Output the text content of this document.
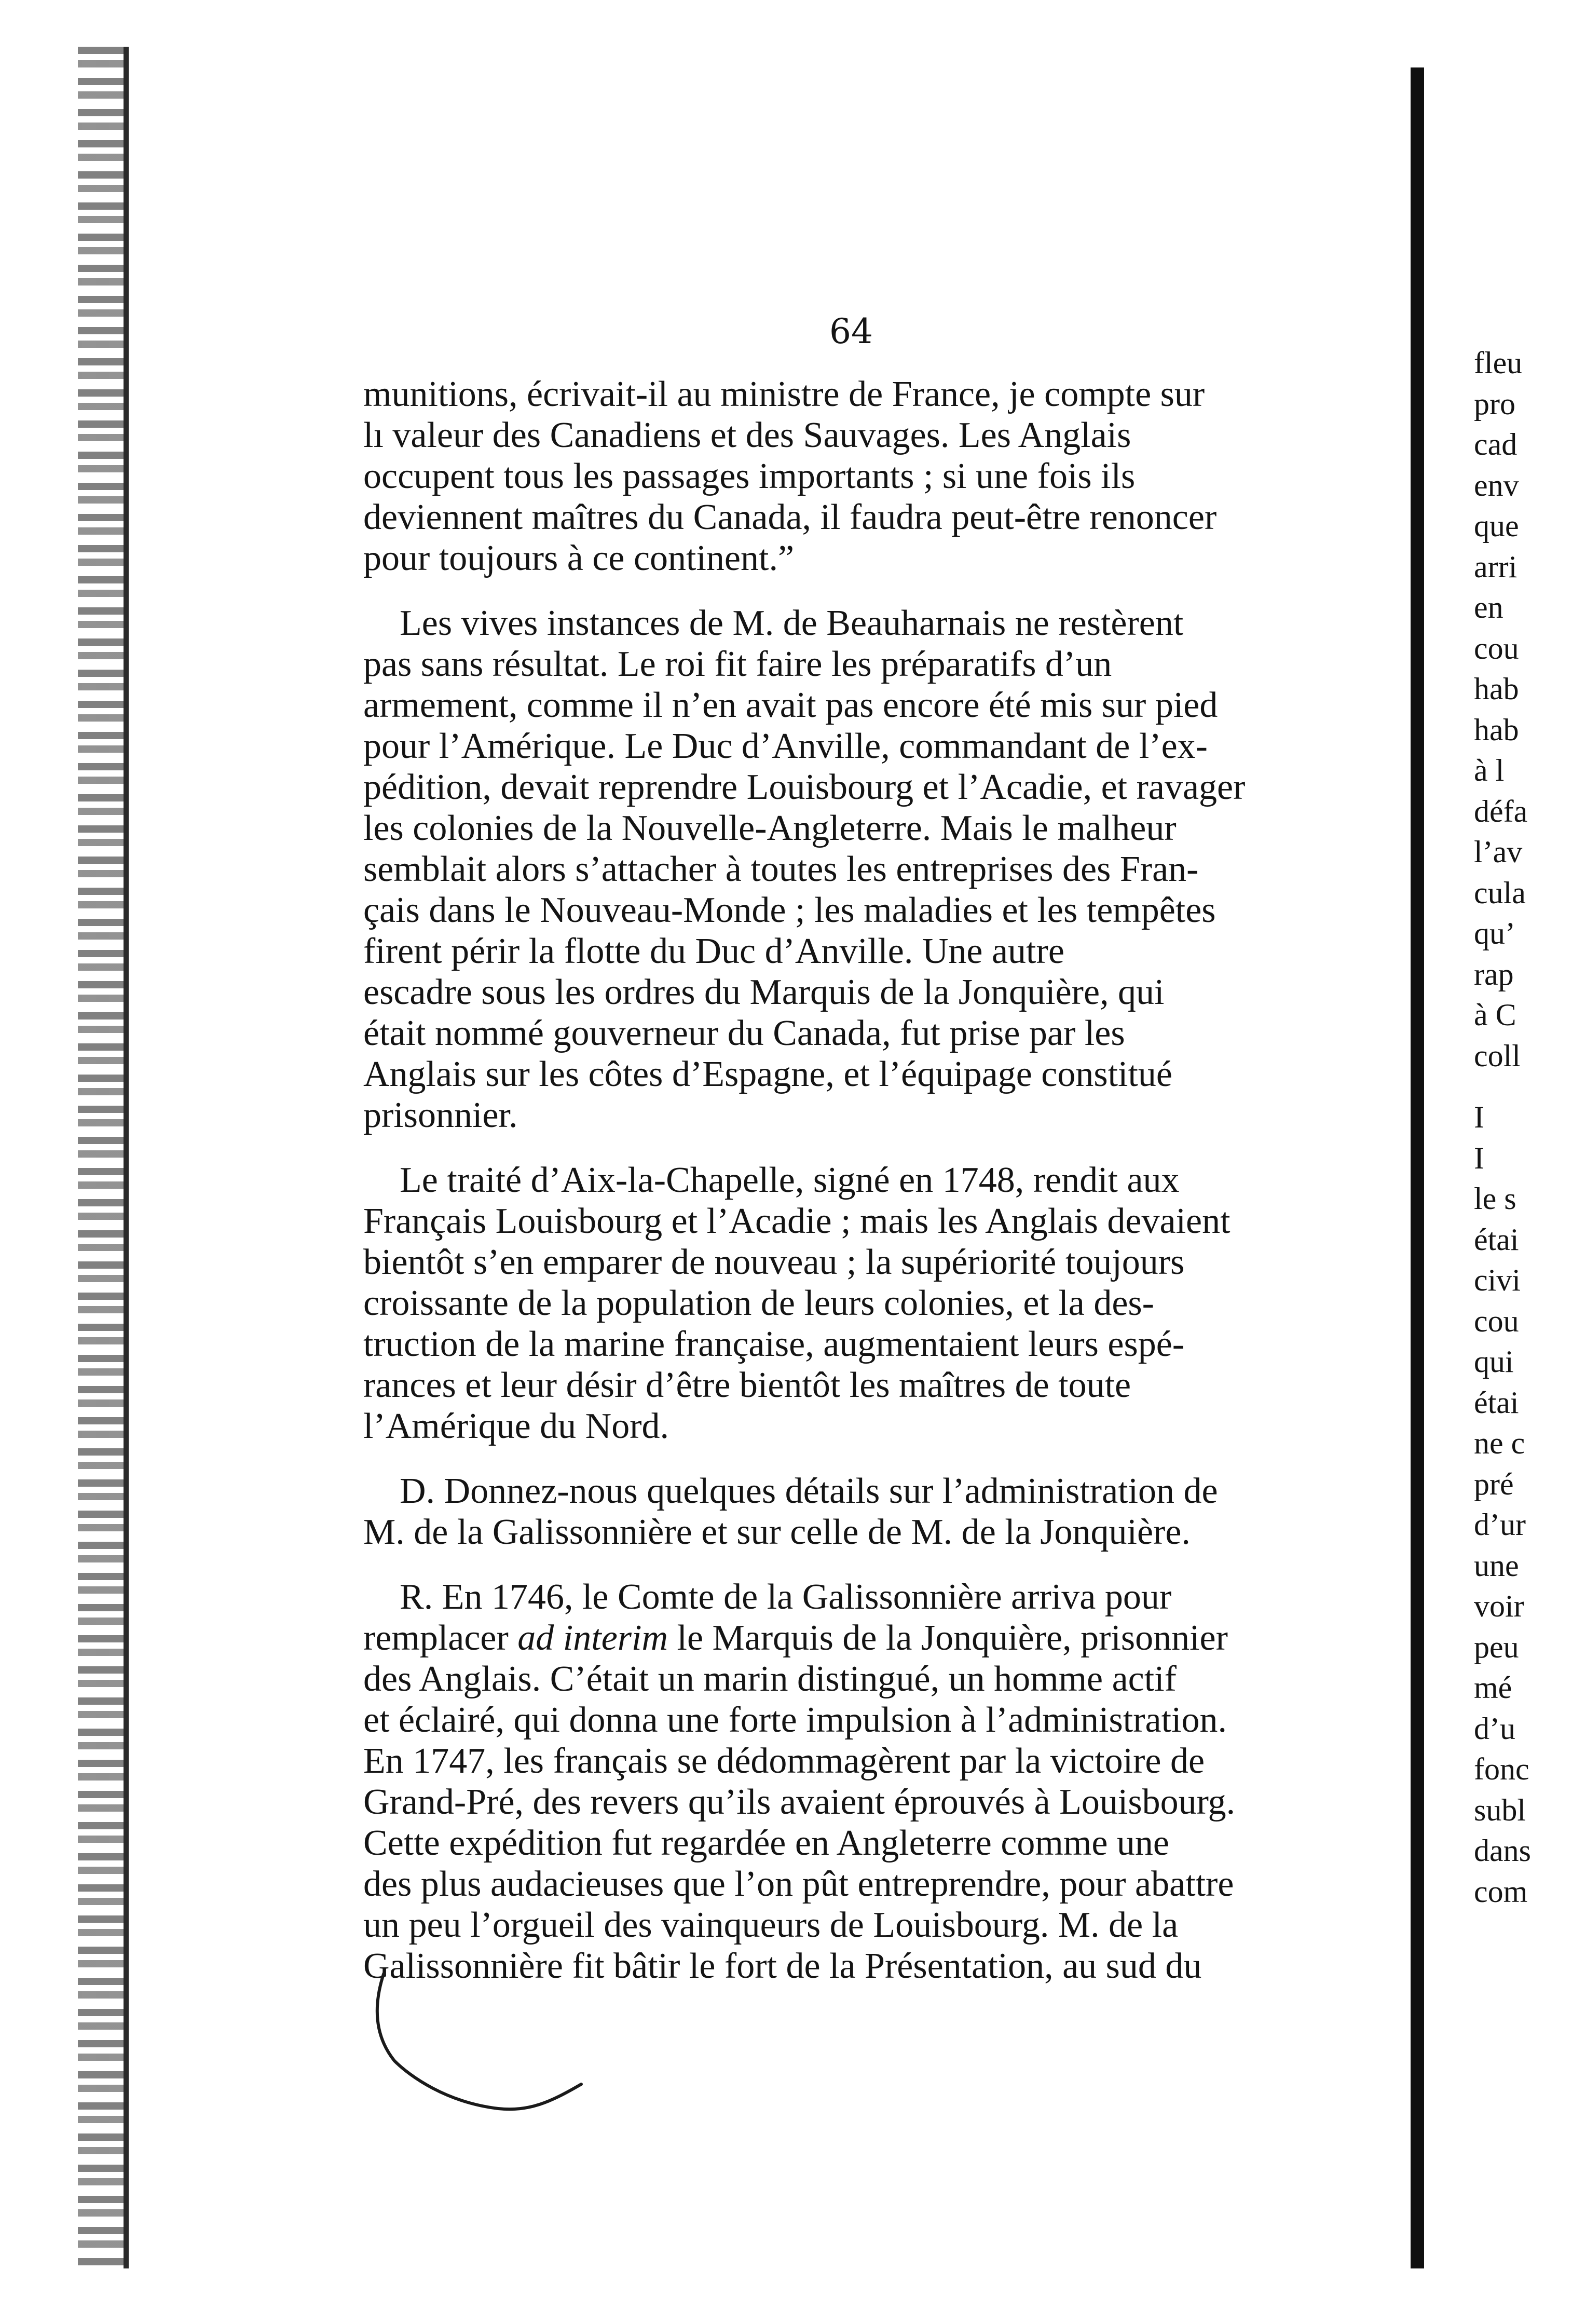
64

munitions, écrivait-il au ministre de France, je compte sur
lı valeur des Canadiens et des Sauvages. Les Anglais
occupent tous les passages importants ; si une fois ils
deviennent maîtres du Canada, il faudra peut-être renoncer
pour toujours à ce continent.”

Les vives instances de M. de Beauharnais ne restèrent
pas sans résultat. Le roi fit faire les préparatifs d’un
armement, comme il n’en avait pas encore été mis sur pied
pour l’Amérique. Le Duc d’Anville, commandant de l’ex-
pédition, devait reprendre Louisbourg et l’Acadie, et ravager
les colonies de la Nouvelle-Angleterre. Mais le malheur
semblait alors s’attacher à toutes les entreprises des Fran-
çais dans le Nouveau-Monde ; les maladies et les tempêtes
firent périr la flotte du Duc d’Anville. Une autre
escadre sous les ordres du Marquis de la Jonquière, qui
était nommé gouverneur du Canada, fut prise par les
Anglais sur les côtes d’Espagne, et l’équipage constitué
prisonnier.

Le traité d’Aix-la-Chapelle, signé en 1748, rendit aux
Français Louisbourg et l’Acadie ; mais les Anglais devaient
bientôt s’en emparer de nouveau ; la supériorité toujours
croissante de la population de leurs colonies, et la des-
truction de la marine française, augmentaient leurs espé-
rances et leur désir d’être bientôt les maîtres de toute
l’Amérique du Nord.

D. Donnez-nous quelques détails sur l’administration de
M. de la Galissonnière et sur celle de M. de la Jonquière.

R. En 1746, le Comte de la Galissonnière arriva pour
remplacer ad interim le Marquis de la Jonquière, prisonnier
des Anglais. C’était un marin distingué, un homme actif
et éclairé, qui donna une forte impulsion à l’administration.
En 1747, les français se dédommagèrent par la victoire de
Grand-Pré, des revers qu’ils avaient éprouvés à Louisbourg.
Cette expédition fut regardée en Angleterre comme une
des plus audacieuses que l’on pût entreprendre, pour abattre
un peu l’orgueil des vainqueurs de Louisbourg. M. de la
Galissonnière fit bâtir le fort de la Présentation, au sud du

fleu
pro
cad
env
que
arri
en
cou
hab
hab
à l
défa
l’av
cula
qu’
rap
à C
coll
I
I
le s
étai
civi
cou
qui
étai
ne c
pré
d’ur
une
voir
peu
mé
d’u
fonc
subl
dans
com
